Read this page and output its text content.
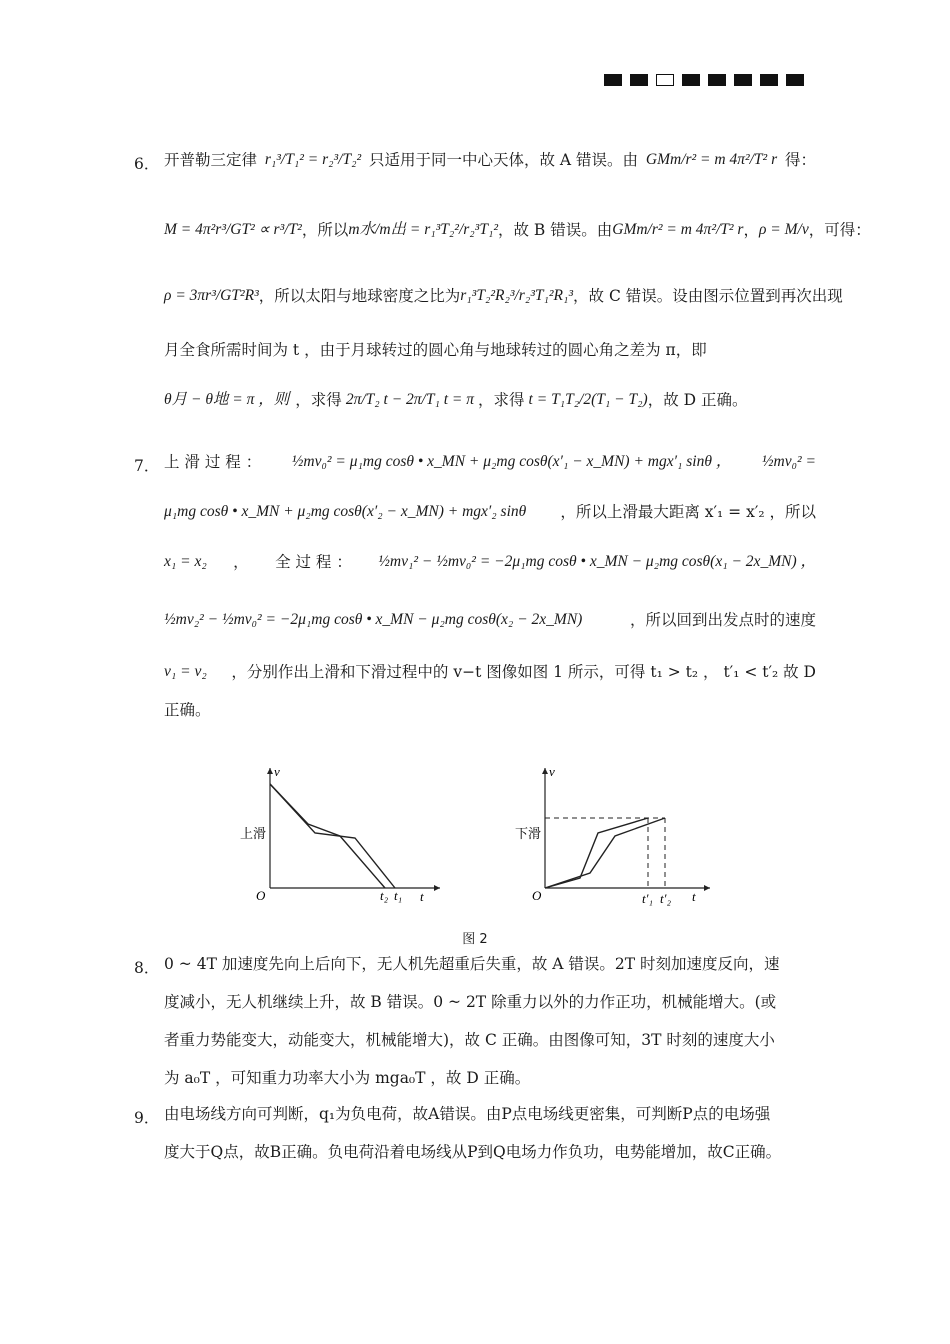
6． 开普勒三定律 r₁³/T₁² = r₂³/T₂² 只适用于同一中心天体，故 A 错误。由 GMm/r² = m 4π²/T² r 得：
M = 4π²r³/GT² ∝ r³/T² ，所以 m水/m出 = r₁³T₂²/r₂³T₁² ，故 B 错误。由 GMm/r² = m 4π²/T² r ， ρ = M/v ，可得：
ρ = 3πr³/GT²R³ ，所以太阳与地球密度之比为 r₁³T₂²R₂³/r₂³T₁²R₁³ ，故 C 错误。设由图示位置到再次出现
月全食所需时间为 t ，由于月球转过的圆心角与地球转过的圆心角之差为 π，即
θ月 − θ地 = π ，则 ，求得 2π/T₂ t − 2π/T₁ t = π ，求得 t = T₁T₂/2(T₁ − T₂) ，故 D 正确。
7． 上 滑 过 程 ： ½mv₀² = μ₁mg cosθ • x_MN + μ₂mg cosθ(x′₁ − x_MN) + mgx′₁ sinθ ， ½mv₀² =
μ₁mg cosθ • x_MN + μ₂mg cosθ(x′₂ − x_MN) + mgx′₂ sinθ ，所以上滑最大距离 x′₁ = x′₂ ，所以
x₁ = x₂ ， 全 过 程 ： ½mv₁² − ½mv₀² = −2μ₁mg cosθ • x_MN − μ₂mg cosθ(x₁ − 2x_MN) ，
½mv₂² − ½mv₀² = −2μ₁mg cosθ • x_MN − μ₂mg cosθ(x₂ − 2x_MN)	，所以回到出发点时的速度
v₁ = v₂ ，分别作出上滑和下滑过程中的 v−t 图像如图 1 所示，可得 t₁ > t₂ ， t′₁ < t′₂ 故 D
正确。
v
t
O	t₂ t₁
上滑
v
t
O	t′₁ t′₂
下滑
图 2
8． 0 ~ 4T 加速度先向上后向下，无人机先超重后失重，故 A 错误。2T 时刻加速度反向，速
度减小，无人机继续上升，故 B 错误。0 ~ 2T 除重力以外的力作正功，机械能增大。(或
者重力势能变大，动能变大，机械能增大)，故 C 正确。由图像可知，3T 时刻的速度大小
为 a₀T ，可知重力功率大小为 mga₀T ，故 D 正确。
9． 由电场线方向可判断，q₁为负电荷，故A错误。由P点电场线更密集，可判断P点的电场强
度大于Q点，故B正确。负电荷沿着电场线从P到Q电场力作负功，电势能增加，故C正确。
